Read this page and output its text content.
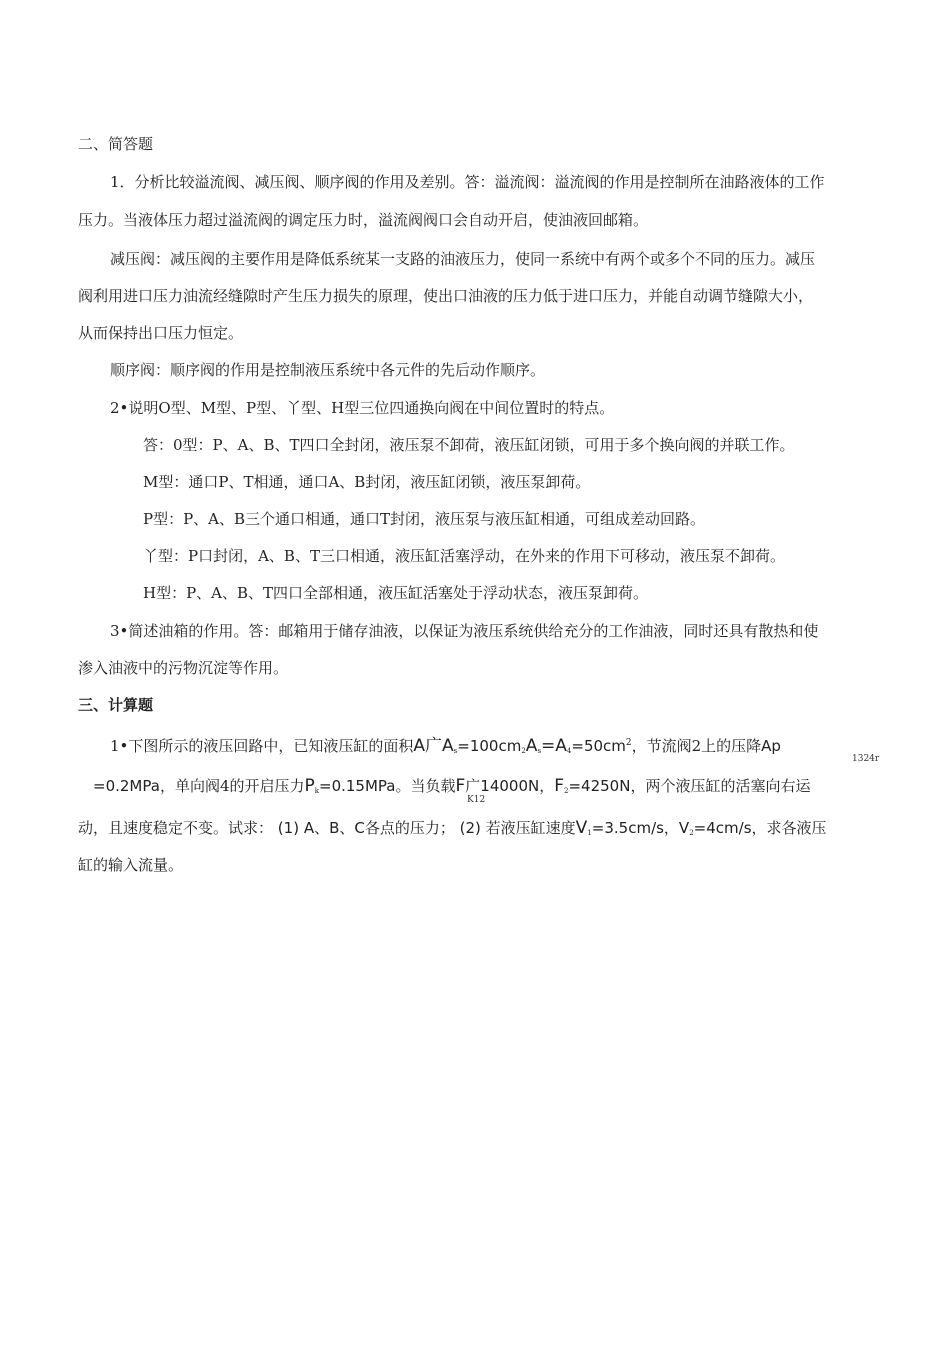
二、简答题
1．分析比较溢流阀、减压阀、顺序阀的作用及差别。答：溢流阀：溢流阀的作用是控制所在油路液体的工作
压力。当液体压力超过溢流阀的调定压力时，溢流阀阀口会自动开启，使油液回邮箱。
减压阀：减压阀的主要作用是降低系统某一支路的油液压力，使同一系统中有两个或多个不同的压力。减压
阀利用进口压力油流经缝隙时产生压力损失的原理，使出口油液的压力低于进口压力，并能自动调节缝隙大小，
从而保持出口压力恒定。
顺序阀：顺序阀的作用是控制液压系统中各元件的先后动作顺序。
2•说明O型、M型、P型、丫型、H型三位四通换向阀在中间位置时的特点。
答：0型：P、A、B、T四口全封闭，液压泵不卸荷，液压缸闭锁，可用于多个换向阀的并联工作。
M型：通口P、T相通，通口A、B封闭，液压缸闭锁，液压泵卸荷。
P型：P、A、B三个通口相通，通口T封闭，液压泵与液压缸相通，可组成差动回路。
丫型：P口封闭，A、B、T三口相通，液压缸活塞浮动，在外来的作用下可移动，液压泵不卸荷。
H型：P、A、B、T四口全部相通，液压缸活塞处于浮动状态，液压泵卸荷。
3•简述油箱的作用。答：邮箱用于储存油液，以保证为液压系统供给充分的工作油液，同时还具有散热和使
渗入油液中的污物沉淀等作用。
三、计算题
1•下图所示的液压回路中，已知液压缸的面积A广$A_s=100cm_2A_s=A_4=50cm^2$，节流阀2上的压降Ap
1324r
=0.2MPa，单向阀4的开启压力$P_k=0.15MPa$。当负载F广14000N，$F_2=4250N$，两个液压缸的活塞向右运
K12
动，且速度稳定不变。试求： (1) A、B、C各点的压力； (2) 若液压缸速度$V_1=3.5cm/s$，$V_2=4cm/s$，求各液压
缸的输入流量。
